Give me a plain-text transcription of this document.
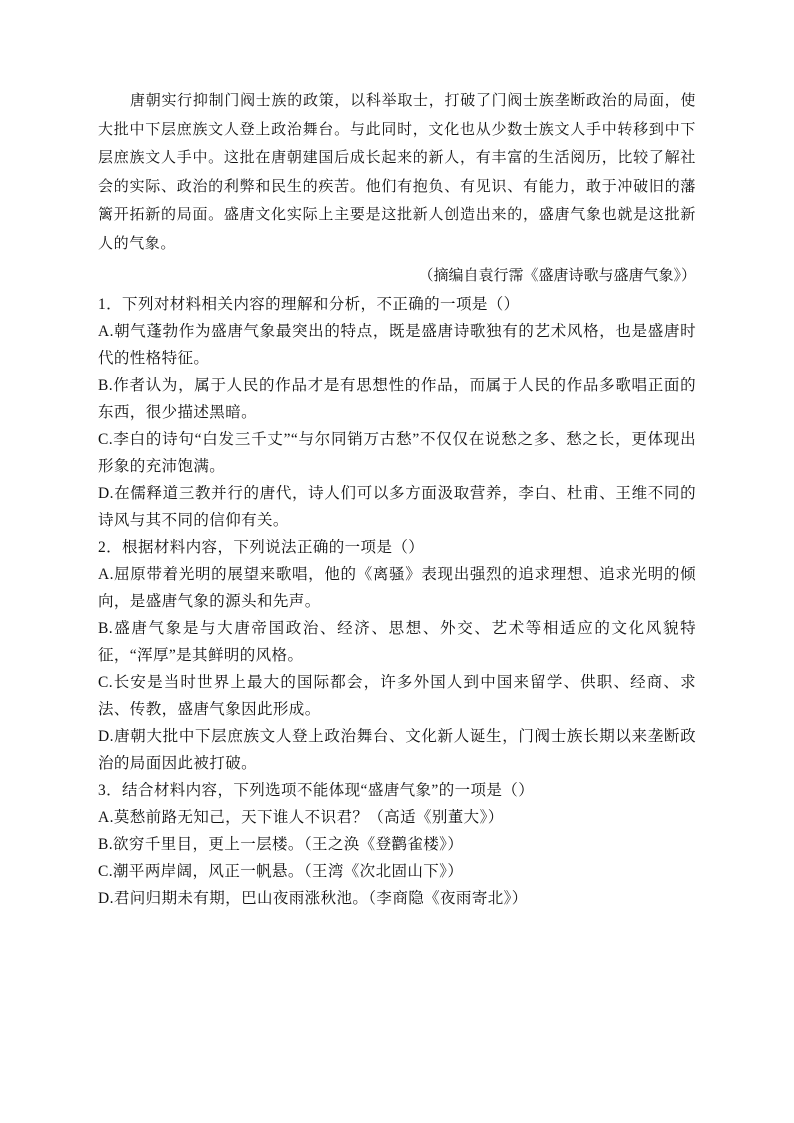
唐朝实行抑制门阀士族的政策，以科举取士，打破了门阀士族垄断政治的局面，使大批中下层庶族文人登上政治舞台。与此同时，文化也从少数士族文人手中转移到中下层庶族文人手中。这批在唐朝建国后成长起来的新人，有丰富的生活阅历，比较了解社会的实际、政治的利弊和民生的疾苦。他们有抱负、有见识、有能力，敢于冲破旧的藩篱开拓新的局面。盛唐文化实际上主要是这批新人创造出来的，盛唐气象也就是这批新人的气象。

（摘编自袁行霈《盛唐诗歌与盛唐气象》）

1．下列对材料相关内容的理解和分析，不正确的一项是（）

A.朝气蓬勃作为盛唐气象最突出的特点，既是盛唐诗歌独有的艺术风格，也是盛唐时代的性格特征。

B.作者认为，属于人民的作品才是有思想性的作品，而属于人民的作品多歌唱正面的东西，很少描述黑暗。

C.李白的诗句“白发三千丈”“与尔同销万古愁”不仅仅在说愁之多、愁之长，更体现出形象的充沛饱满。

D.在儒释道三教并行的唐代，诗人们可以多方面汲取营养，李白、杜甫、王维不同的诗风与其不同的信仰有关。

2．根据材料内容，下列说法正确的一项是（）

A.屈原带着光明的展望来歌唱，他的《离骚》表现出强烈的追求理想、追求光明的倾向，是盛唐气象的源头和先声。

B.盛唐气象是与大唐帝国政治、经济、思想、外交、艺术等相适应的文化风貌特征，“浑厚”是其鲜明的风格。

C.长安是当时世界上最大的国际都会，许多外国人到中国来留学、供职、经商、求法、传教，盛唐气象因此形成。

D.唐朝大批中下层庶族文人登上政治舞台、文化新人诞生，门阀士族长期以来垄断政治的局面因此被打破。

3．结合材料内容，下列选项不能体现“盛唐气象”的一项是（）

A.莫愁前路无知己，天下谁人不识君？（高适《别董大》）

B.欲穷千里目，更上一层楼。（王之涣《登鹳雀楼》）

C.潮平两岸阔，风正一帆悬。（王湾《次北固山下》）

D.君问归期未有期，巴山夜雨涨秋池。（李商隐《夜雨寄北》）
